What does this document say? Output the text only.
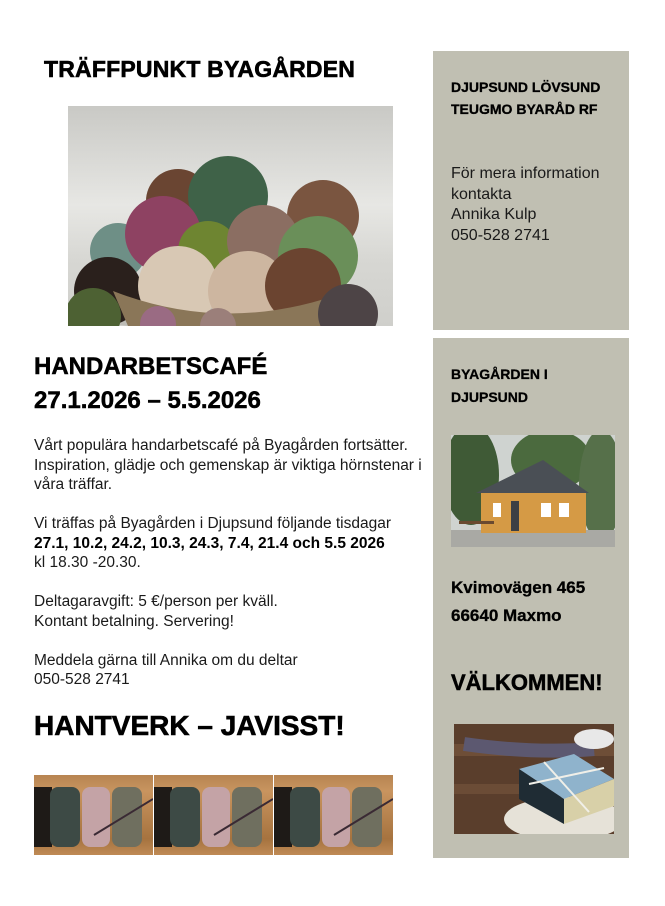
TRÄFFPUNKT BYAGÅRDEN
HANDARBETSCAFÉ
27.1.2026 – 5.5.2026

Vårt populära handarbetscafé på Byagården fortsätter. Inspiration, glädje och gemenskap är viktiga hörnstenar i våra träffar.

Vi träffas på Byagården i Djupsund följande tisdagar
27.1, 10.2, 24.2, 10.3, 24.3, 7.4, 21.4 och 5.5 2026
kl 18.30 -20.30.

Deltagaravgift: 5 €/person per kväll.
Kontant betalning. Servering!

Meddela gärna till Annika om du deltar
050-528 2741

HANTVERK – JAVISST!
DJUPSUND LÖVSUND
TEUGMO BYARÅD RF
För mera information
kontakta
Annika Kulp
050-528 2741
BYAGÅRDEN I
DJUPSUND
Kvimovägen 465
66640 Maxmo
VÄLKOMMEN!
